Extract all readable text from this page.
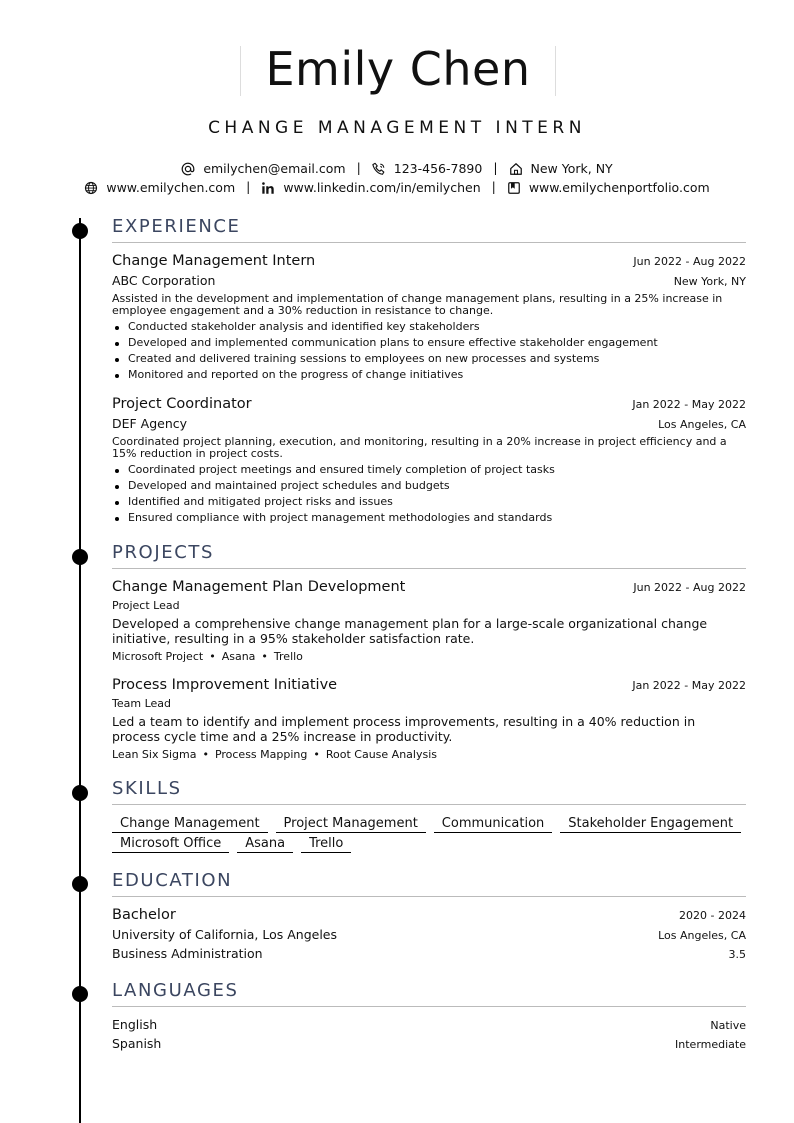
Emily Chen
CHANGE MANAGEMENT INTERN
emilychen@email.com |	123-456-7890 |	New York, NY
www.emilychen.com |	www.linkedin.com/in/emilychen |	www.emilychenportfolio.com
EXPERIENCE
Change Management Intern	Jun 2022 - Aug 2022
ABC Corporation	New York, NY
Assisted in the development and implementation of change management plans, resulting in a 25% increase in employee engagement and a 30% reduction in resistance to change.
Conducted stakeholder analysis and identified key stakeholders
Developed and implemented communication plans to ensure effective stakeholder engagement
Created and delivered training sessions to employees on new processes and systems
Monitored and reported on the progress of change initiatives
Project Coordinator	Jan 2022 - May 2022
DEF Agency	Los Angeles, CA
Coordinated project planning, execution, and monitoring, resulting in a 20% increase in project efficiency and a 15% reduction in project costs.
Coordinated project meetings and ensured timely completion of project tasks
Developed and maintained project schedules and budgets
Identified and mitigated project risks and issues
Ensured compliance with project management methodologies and standards
PROJECTS
Change Management Plan Development	Jun 2022 - Aug 2022
Project Lead
Developed a comprehensive change management plan for a large-scale organizational change initiative, resulting in a 95% stakeholder satisfaction rate.
Microsoft Project • Asana • Trello
Process Improvement Initiative	Jan 2022 - May 2022
Team Lead
Led a team to identify and implement process improvements, resulting in a 40% reduction in process cycle time and a 25% increase in productivity.
Lean Six Sigma • Process Mapping • Root Cause Analysis
SKILLS
Change Management	Project Management	Communication	Stakeholder Engagement
Microsoft Office	Asana	Trello
EDUCATION
Bachelor	2020 - 2024
University of California, Los Angeles	Los Angeles, CA
Business Administration	3.5
LANGUAGES
English	Native
Spanish	Intermediate
